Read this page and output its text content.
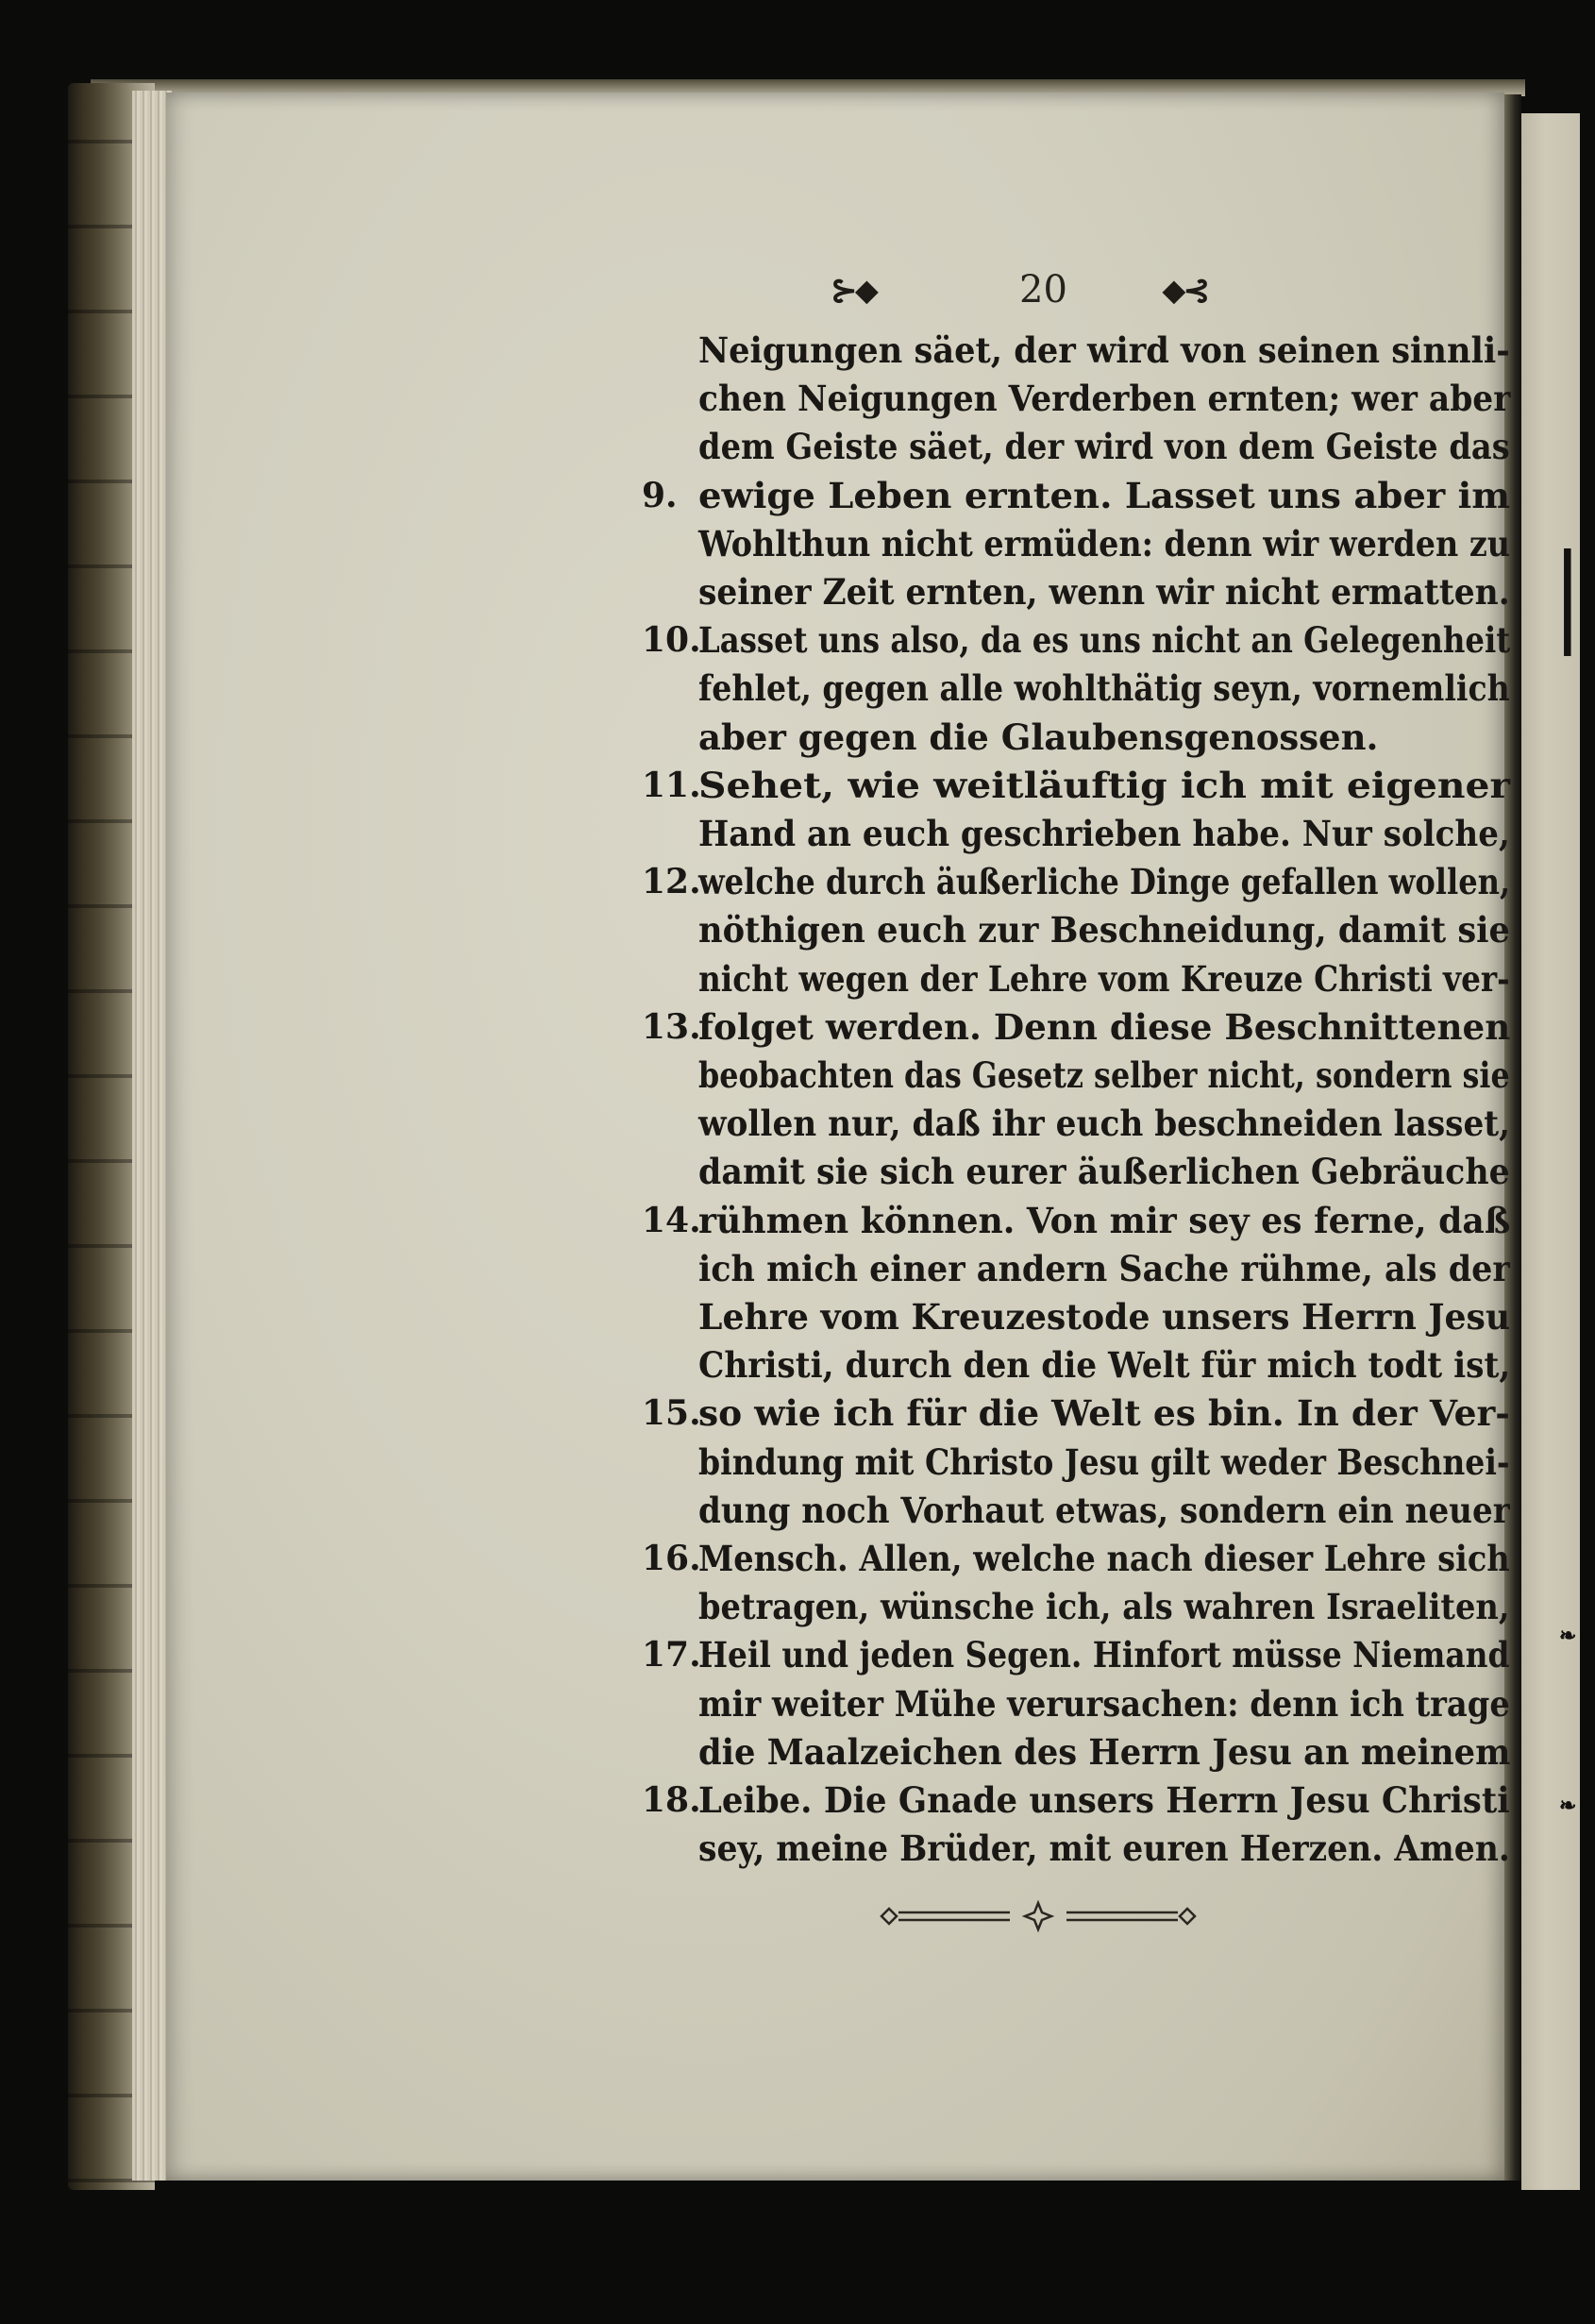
│
❧
❧
⊱⬥	20	⬥⊰
Neigungen säet, der wird von seinen sinnli-
chen Neigungen Verderben ernten; wer aber
dem Geiste säet, der wird von dem Geiste das
9. ewige Leben ernten. Lasset uns aber im
Wohlthun nicht ermüden: denn wir werden zu
seiner Zeit ernten, wenn wir nicht ermatten.
10.
Lasset uns also, da es uns nicht an Gelegenheit
fehlet, gegen alle wohlthätig seyn, vornemlich
aber gegen die Glaubensgenossen.
11.
Sehet, wie weitläuftig ich mit eigener
Hand an euch geschrieben habe. Nur solche,
12.
welche durch äußerliche Dinge gefallen wollen,
nöthigen euch zur Beschneidung, damit sie
nicht wegen der Lehre vom Kreuze Christi ver-
13.
folget werden. Denn diese Beschnittenen
beobachten das Gesetz selber nicht, sondern sie
wollen nur, daß ihr euch beschneiden lasset,
damit sie sich eurer äußerlichen Gebräuche
14.
rühmen können. Von mir sey es ferne, daß
ich mich einer andern Sache rühme, als der
Lehre vom Kreuzestode unsers Herrn Jesu
Christi, durch den die Welt für mich todt ist,
15.
so wie ich für die Welt es bin. In der Ver-
bindung mit Christo Jesu gilt weder Beschnei-
dung noch Vorhaut etwas, sondern ein neuer
16.
Mensch. Allen, welche nach dieser Lehre sich
betragen, wünsche ich, als wahren Israeliten,
17.
Heil und jeden Segen. Hinfort müsse Niemand
mir weiter Mühe verursachen: denn ich trage
die Maalzeichen des Herrn Jesu an meinem
18.
Leibe. Die Gnade unsers Herrn Jesu Christi
sey, meine Brüder, mit euren Herzen. Amen.
